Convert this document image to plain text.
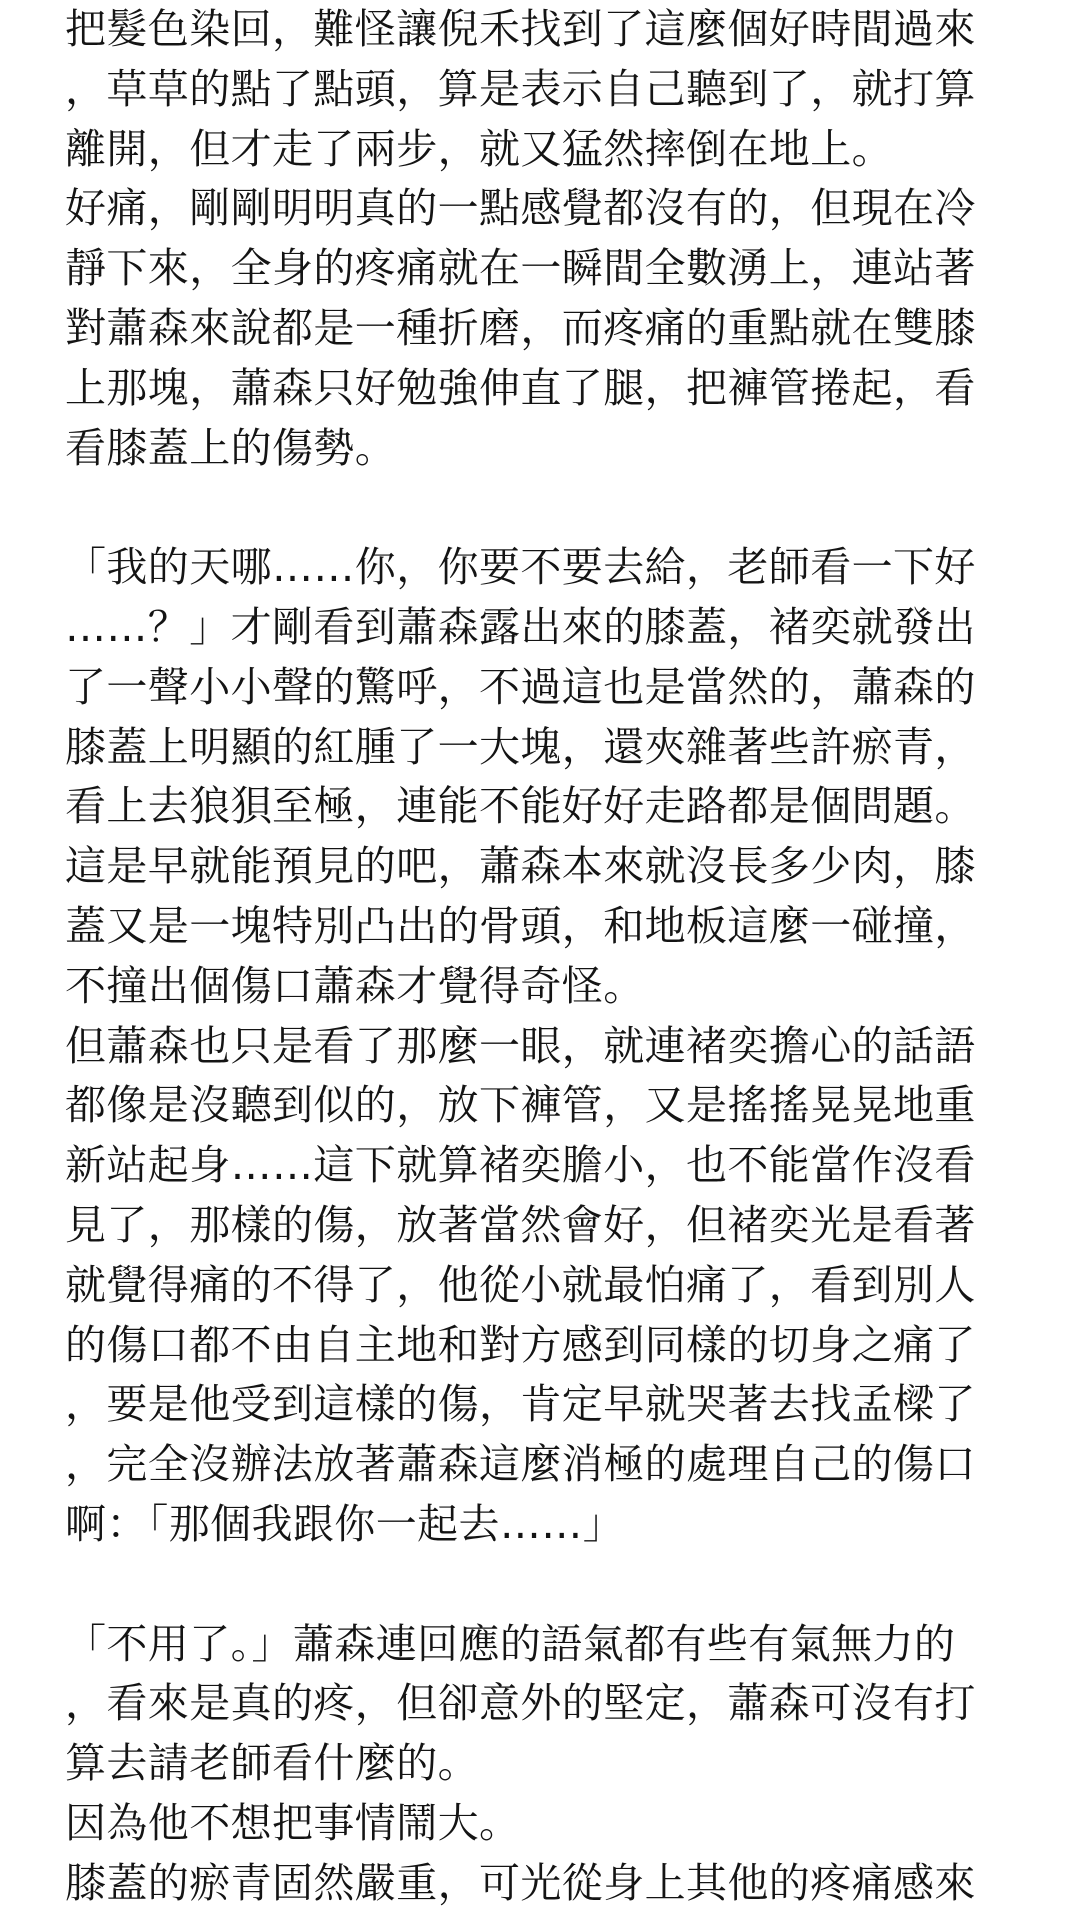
把髮色染回，難怪讓倪禾找到了這麼個好時間過來
，草草的點了點頭，算是表示自己聽到了，就打算
離開，但才走了兩步，就又猛然摔倒在地上。
好痛，剛剛明明真的一點感覺都沒有的，但現在冷
靜下來，全身的疼痛就在一瞬間全數湧上，連站著
對蕭森來說都是一種折磨，而疼痛的重點就在雙膝
上那塊，蕭森只好勉強伸直了腿，把褲管捲起，看
看膝蓋上的傷勢。
「我的天哪……你，你要不要去給，老師看一下好
……？」才剛看到蕭森露出來的膝蓋，褚奕就發出
了一聲小小聲的驚呼，不過這也是當然的，蕭森的
膝蓋上明顯的紅腫了一大塊，還夾雜著些許瘀青，
看上去狼狽至極，連能不能好好走路都是個問題。
這是早就能預見的吧，蕭森本來就沒長多少肉，膝
蓋又是一塊特別凸出的骨頭，和地板這麼一碰撞，
不撞出個傷口蕭森才覺得奇怪。
但蕭森也只是看了那麼一眼，就連褚奕擔心的話語
都像是沒聽到似的，放下褲管，又是搖搖晃晃地重
新站起身……這下就算褚奕膽小，也不能當作沒看
見了，那樣的傷，放著當然會好，但褚奕光是看著
就覺得痛的不得了，他從小就最怕痛了，看到別人
的傷口都不由自主地和對方感到同樣的切身之痛了
，要是他受到這樣的傷，肯定早就哭著去找孟樑了
，完全沒辦法放著蕭森這麼消極的處理自己的傷口
啊：「那個我跟你一起去……」
「不用了。」蕭森連回應的語氣都有些有氣無力的
，看來是真的疼，但卻意外的堅定，蕭森可沒有打
算去請老師看什麼的。
因為他不想把事情鬧大。
膝蓋的瘀青固然嚴重，可光從身上其他的疼痛感來
